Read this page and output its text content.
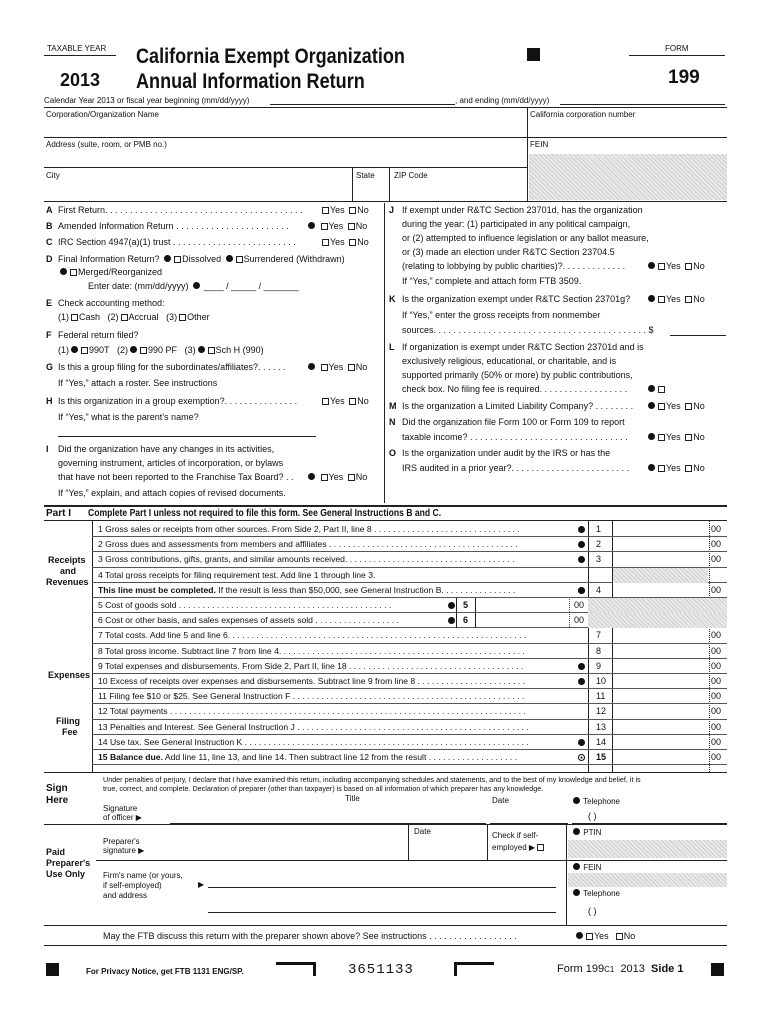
TAXABLE YEAR
2013
California Exempt Organization
Annual Information Return
FORM
199
Calendar Year 2013 or fiscal year beginning (mm/dd/yyyy)	, and ending (mm/dd/yyyy)
Corporation/Organization Name	California corporation number
Address (suite, room, or PMB no.)	FEIN
City	State ZIP Code
A First Return. . . . . . . . . . . . . . . . . . . . . . . . . . . . . . . . . . . . . . . .	Yes No
B Amended Information Return . . . . . . . . . . . . . . . . . . . . . . .	Yes No
C IRC Section 4947(a)(1) trust . . . . . . . . . . . . . . . . . . . . . . . . .	Yes No
D Final Information Return?	Dissolved	Surrendered (Withdrawn)
Merged/Reorganized
Enter date: (mm/dd/yyyy) ____ / _____ / _______
E Check accounting method:
(1) Cash (2) Accrual (3) Other
F Federal return filed?
(1) 990T (2) 990 PF (3) Sch H (990)
G Is this a group filing for the subordinates/affiliates?. . . . . .	Yes No
If “Yes,” attach a roster. See instructions
H Is this organization in a group exemption?. . . . . . . . . . . . . . .	Yes No
If “Yes,” what is the parent’s name?
I Did the organization have any changes in its activities,
governing instrument, articles of incorporation, or bylaws
that have not been reported to the Franchise Tax Board? . .	Yes No
If “Yes,” explain, and attach copies of revised documents.
J If exempt under R&TC Section 23701d, has the organization
during the year: (1) participated in any political campaign,
or (2) attempted to influence legislation or any ballot measure,
or (3) made an election under R&TC Section 23704.5
(relating to lobbying by public charities)?. . . . . . . . . . . . .	Yes No
If “Yes,” complete and attach form FTB 3509.
K Is the organization exempt under R&TC Section 23701g?	Yes No
If “Yes,” enter the gross receipts from nonmember
sources. . . . . . . . . . . . . . . . . . . . . . . . . . . . . . . . . . . . . . . . . . . $
L If organization is exempt under R&TC Section 23701d and is
exclusively religious, educational, or charitable, and is
supported primarily (50% or more) by public contributions,
check box. No filing fee is required. . . . . . . . . . . . . . . . . .
M Is the organization a Limited Liability Company? . . . . . . . .	Yes No
N Did the organization file Form 100 or Form 109 to report
taxable income? . . . . . . . . . . . . . . . . . . . . . . . . . . . . . . . .	Yes No
O Is the organization under audit by the IRS or has the
IRS audited in a prior year?. . . . . . . . . . . . . . . . . . . . . . . .	Yes No
Part I Complete Part I unless not required to file this form. See General Instructions B and C.
Receipts
and
Revenues
Expenses
Filing
Fee
1 Gross sales or receipts from other sources. From Side 2, Part II, line 8 . . . . . . . . . . . . . . . . . . . . . . . . . . . . . . .	1	00
2 Gross dues and assessments from members and affiliates . . . . . . . . . . . . . . . . . . . . . . . . . . . . . . . . . . . . . . . .	2	00
3 Gross contributions, gifts, grants, and similar amounts received. . . . . . . . . . . . . . . . . . . . . . . . . . . . . . . . . . . .	3	00
4 Total gross receipts for filing requirement test. Add line 1 through line 3.
This line must be completed. If the result is less than $50,000, see General Instruction B. . . . . . . . . . . . . . . .	4	00
5 Cost of goods sold . . . . . . . . . . . . . . . . . . . . . . . . . . . . . . . . . . . . . . . . . . . . .	5	00
6 Cost or other basis, and sales expenses of assets sold . . . . . . . . . . . . . . . . . .	6	00
7 Total costs. Add line 5 and line 6. . . . . . . . . . . . . . . . . . . . . . . . . . . . . . . . . . . . . . . . . . . . . . . . . . . . . . . . . . . . . . .	7	00
8 Total gross income. Subtract line 7 from line 4. . . . . . . . . . . . . . . . . . . . . . . . . . . . . . . . . . . . . . . . . . . . . . . . . . . .	8	00
9 Total expenses and disbursements. From Side 2, Part II, line 18 . . . . . . . . . . . . . . . . . . . . . . . . . . . . . . . . . . . . .	9	00
10 Excess of receipts over expenses and disbursements. Subtract line 9 from line 8 . . . . . . . . . . . . . . . . . . . . . . .	10	00
11 Filing fee $10 or $25. See General Instruction F . . . . . . . . . . . . . . . . . . . . . . . . . . . . . . . . . . . . . . . . . . . . . . . . .	11	00
12 Total payments . . . . . . . . . . . . . . . . . . . . . . . . . . . . . . . . . . . . . . . . . . . . . . . . . . . . . . . . . . . . . . . . . . . . . . . . . . .	12	00
13 Penalties and Interest. See General Instruction J . . . . . . . . . . . . . . . . . . . . . . . . . . . . . . . . . . . . . . . . . . . . . . . . .	13	00
14 Use tax. See General Instruction K . . . . . . . . . . . . . . . . . . . . . . . . . . . . . . . . . . . . . . . . . . . . . . . . . . . . . . . . . . . .	14	00
15 Balance due. Add line 11, line 13, and line 14. Then subtract line 12 from the result . . . . . . . . . . . . . . . . . . .	15	00
Sign
Here
Under penalties of perjury, I declare that I have examined this return, including accompanying schedules and statements, and to the best of my knowledge and belief, it is
true, correct, and complete. Declaration of preparer (other than taxpayer) is based on all information of which preparer has any knowledge.
Title	Date	Telephone
Signature
of officer ▶	( )
Date	Check if self-
employed ▶
PTIN
Preparer's
signature ▶
Paid
Preparer's
Use Only
FEIN
Firm's name (or yours,
if self-employed)
and address
▶
Telephone
( )
May the FTB discuss this return with the preparer shown above? See instructions . . . . . . . . . . . . . . . . . .	Yes No
For Privacy Notice, get FTB 1131 ENG/SP.	3651133	Form 199C1 2013 Side 1
